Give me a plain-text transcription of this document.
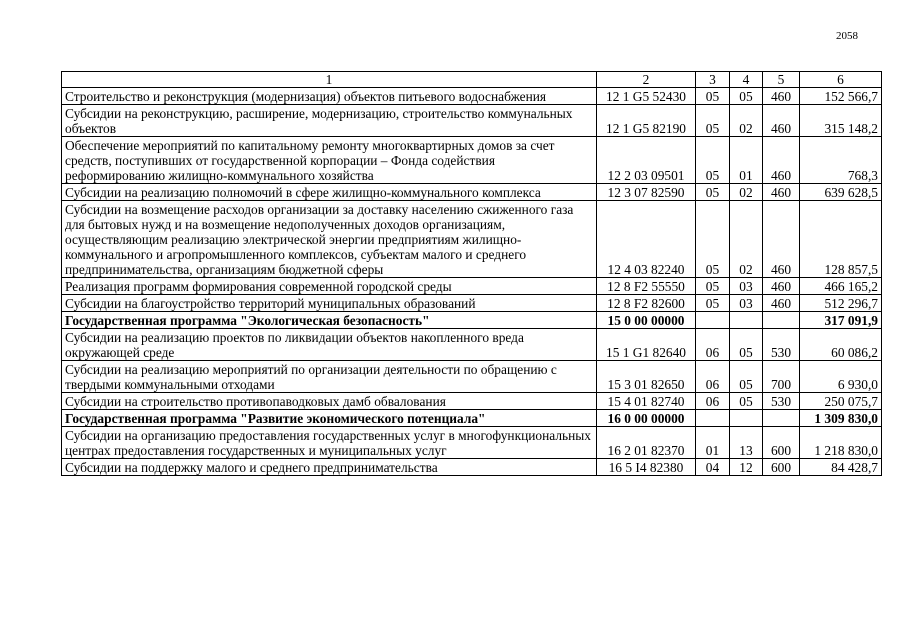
2058
1	2	3	4	5	6
Строительство и реконструкция (модернизация) объектов питьевого водоснабжения	12 1 G5 52430	05	05	460	152 566,7
Субсидии на реконструкцию, расширение, модернизацию, строительство коммунальных объектов	12 1 G5 82190	05	02	460	315 148,2
Обеспечение мероприятий по капитальному ремонту многоквартирных домов за счет средств, поступивших от государственной корпорации – Фонда содействия реформированию жилищно-коммунального хозяйства	12 2 03 09501	05	01	460	768,3
Субсидии на реализацию полномочий в сфере жилищно-коммунального комплекса	12 3 07 82590	05	02	460	639 628,5
Субсидии на возмещение расходов организации за доставку населению сжиженного газа для бытовых нужд и на возмещение недополученных доходов организациям, осуществляющим реализацию электрической энергии предприятиям жилищно-коммунального и агропромышленного комплексов, субъектам малого и среднего предпринимательства, организациям бюджетной сферы	12 4 03 82240	05	02	460	128 857,5
Реализация программ формирования современной городской среды	12 8 F2 55550	05	03	460	466 165,2
Субсидии на благоустройство территорий муниципальных образований	12 8 F2 82600	05	03	460	512 296,7
Государственная программа "Экологическая безопасность"	15 0 00 00000				317 091,9
Субсидии на реализацию проектов по ликвидации объектов накопленного вреда окружающей среде	15 1 G1 82640	06	05	530	60 086,2
Субсидии на реализацию мероприятий по организации деятельности по обращению с твердыми коммунальными отходами	15 3 01 82650	06	05	700	6 930,0
Субсидии на строительство противопаводковых дамб обвалования	15 4 01 82740	06	05	530	250 075,7
Государственная программа "Развитие экономического потенциала"	16 0 00 00000				1 309 830,0
Субсидии на организацию предоставления государственных услуг в многофункциональных центрах предоставления государственных и муниципальных услуг	16 2 01 82370	01	13	600	1 218 830,0
Субсидии на поддержку малого и среднего предпринимательства	16 5 I4 82380	04	12	600	84 428,7
